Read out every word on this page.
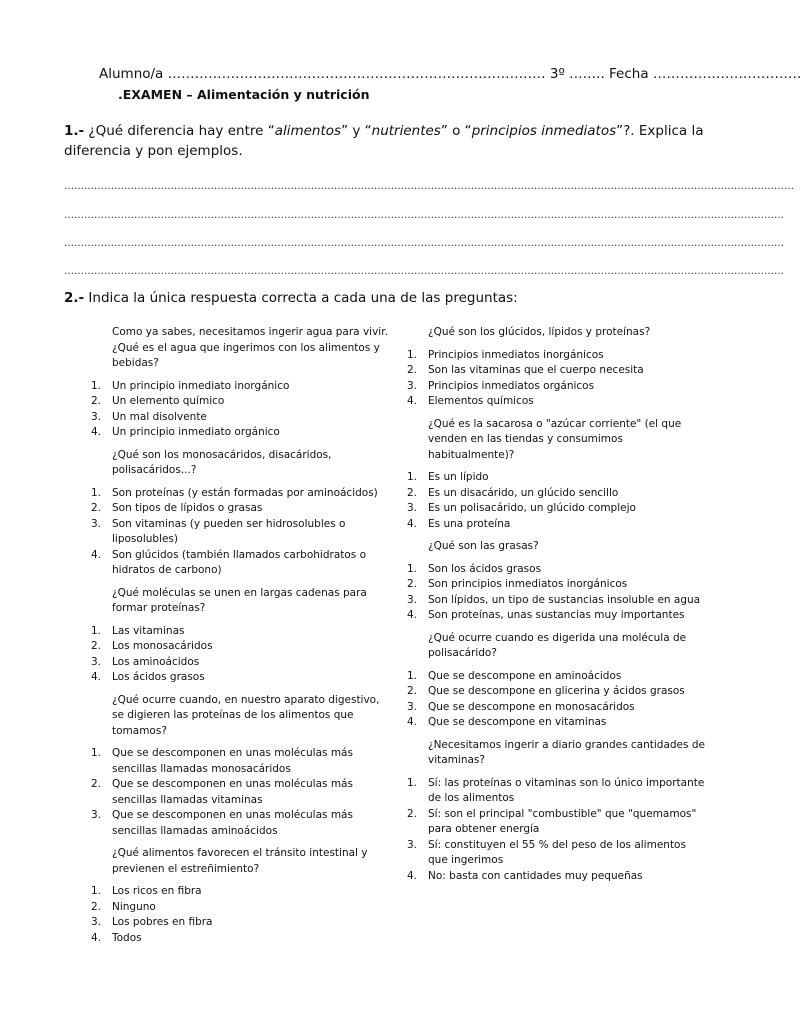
Alumno/a ………………………………………………………………………… 3º …….. Fecha ……………………………
.EXAMEN – Alimentación y nutrición
1.- ¿Qué diferencia hay entre “alimentos” y “nutrientes” o “principios inmediatos”?. Explica la diferencia y pon ejemplos.
…………………………………………………………………………………………………………………………………………………………………………………………………
………………………………………………………………………………………………………………………………………………………………………………………………
………………………………………………………………………………………………………………………………………………………………………………………………
………………………………………………………………………………………………………………………………………………………………………………………………
2.- Indica la única respuesta correcta a cada una de las preguntas:
Como ya sabes, necesitamos ingerir agua para vivir. ¿Qué es el agua que ingerimos con los alimentos y bebidas?
1. Un principio inmediato inorgánico
2. Un elemento químico
3. Un mal disolvente
4. Un principio inmediato orgánico
¿Qué son los monosacáridos, disacáridos, polisacáridos...?
1. Son proteínas (y están formadas por aminoácidos)
2. Son tipos de lípidos o grasas
3. Son vitaminas (y pueden ser hidrosolubles o liposolubles)
4. Son glúcidos (también llamados carbohidratos o hidratos de carbono)
¿Qué moléculas se unen en largas cadenas para formar proteínas?
1. Las vitaminas
2. Los monosacáridos
3. Los aminoácidos
4. Los ácidos grasos
¿Qué ocurre cuando, en nuestro aparato digestivo, se digieren las proteínas de los alimentos que tomamos?
1. Que se descomponen en unas moléculas más sencillas llamadas monosacáridos
2. Que se descomponen en unas moléculas más sencillas llamadas vitaminas
3. Que se descomponen en unas moléculas más sencillas llamadas aminoácidos
¿Qué alimentos favorecen el tránsito intestinal y previenen el estreñimiento?
1. Los ricos en fibra
2. Ninguno
3. Los pobres en fibra
4. Todos
¿Qué son los glúcidos, lípidos y proteínas?
1. Principios inmediatos inorgánicos
2. Son las vitaminas que el cuerpo necesita
3. Principios inmediatos orgánicos
4. Elementos químicos
¿Qué es la sacarosa o "azúcar corriente" (el que venden en las tiendas y consumimos habitualmente)?
1. Es un lípido
2. Es un disacárido, un glúcido sencillo
3. Es un polisacárido, un glúcido complejo
4. Es una proteína
¿Qué son las grasas?
1. Son los ácidos grasos
2. Son principios inmediatos inorgánicos
3. Son lípidos, un tipo de sustancias insoluble en agua
4. Son proteínas, unas sustancias muy importantes
¿Qué ocurre cuando es digerida una molécula de polisacárido?
1. Que se descompone en aminoácidos
2. Que se descompone en glicerina y ácidos grasos
3. Que se descompone en monosacáridos
4. Que se descompone en vitaminas
¿Necesitamos ingerir a diario grandes cantidades de vitaminas?
1. Sí: las proteínas o vitaminas son lo único importante de los alimentos
2. Sí: son el principal "combustible" que "quemamos" para obtener energía
3. Sí: constituyen el 55 % del peso de los alimentos que ingerimos
4. No: basta con cantidades muy pequeñas
